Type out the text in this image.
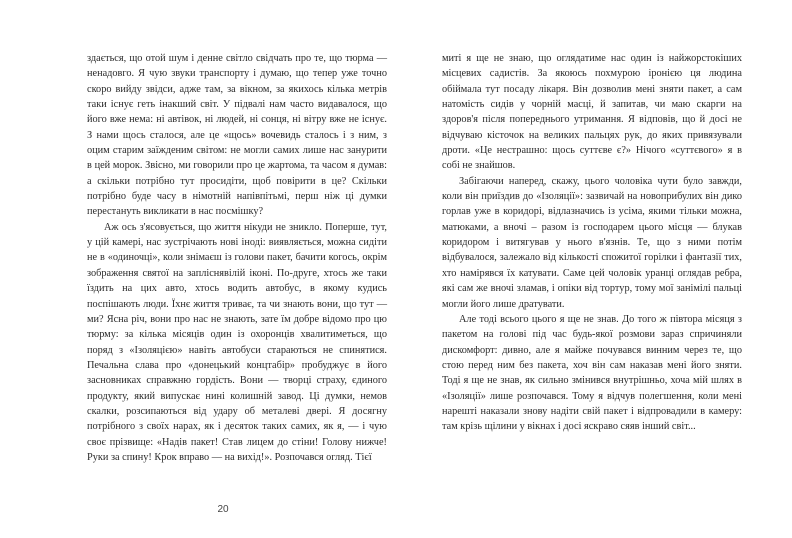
здається, що отой шум і денне світло свідчать про те, що тюрма — ненадовго. Я чую звуки транспорту і думаю, що тепер уже точно скоро вийду звідси, адже там, за вікном, за якихось кілька метрів таки існує геть інакший світ. У підвалі нам часто видавалося, що його вже нема: ні автівок, ні людей, ні сонця, ні вітру вже не існує. З нами щось сталося, але це «щось» вочевидь сталось і з ним, з оцим старим заїжденим світом: не могли самих лише нас занурити в цей морок. Звісно, ми говорили про це жартома, та часом я думав: а скільки потрібно тут просидіти, щоб повірити в це? Скільки потрібно буде часу в німотній напівпітьмі, перш ніж ці думки перестануть викликати в нас посмішку?

Аж ось з'ясовується, що життя нікуди не зникло. Поперше, тут, у цій камері, нас зустрічають нові іноді: виявляється, можна сидіти не в «одиночці», коли знімаєш із голови пакет, бачити когось, окрім зображення святої на запліснявілій іконі. По-друге, хтось же таки їздить на цих авто, хтось водить автобус, в якому кудись поспішають люди. Їхнє життя триває, та чи знають вони, що тут — ми? Ясна річ, вони про нас не знають, зате їм добре відомо про цю тюрму: за кілька місяців один із охоронців хвалитиметься, що поряд з «Ізоляцією» навіть автобуси стараються не спинятися. Печальна слава про «донецький концтабір» пробуджує в його засновниках справжню гордість. Вони — творці страху, єдиного продукту, який випускає нині колишній завод. Ці думки, немов скалки, розсипаються від удару об металеві двері. Я досягну потрібного з своїх нарах, як і десяток таких самих, як я, — і чую своє прізвище: «Надів пакет! Став лицем до стіни! Голову нижче! Руки за спину! Крок вправо — на вихід!». Розпочався огляд. Тієї

миті я ще не знаю, що оглядатиме нас один із найжорстокіших місцевих садистів. За якоюсь похмурою іронією ця людина обіймала тут посаду лікаря. Він дозволив мені зняти пакет, а сам натомість сидів у чорній масці, й запитав, чи маю скарги на здоров'я після попереднього утримання. Я відповів, що й досі не відчуваю кісточок на великих пальцях рук, до яких привязували дроти. «Це нестрашно: щось суттєве є?» Нічого «суттєвого» я в собі не знайшов.

Забігаючи наперед, скажу, цього чоловіка чути було завжди, коли він приїздив до «Ізоляції»: зазвичай на новоприбулих він дико горлав уже в коридорі, відлазначись із усіма, якими тільки можна, матюками, а вночі – разом із господарем цього місця — блукав коридором і витягував у нього в'язнів. Те, що з ними потім відбувалося, залежало від кількості спожитої горілки і фантазії тих, хто намірявся їх катувати. Саме цей чоловік уранці оглядав ребра, які сам же вночі зламав, і опіки від тортур, тому мої занімілі пальці могли його лише дратувати.

Але тоді всього цього я ще не знав. До того ж півтора місяця з пакетом на голові під час будь-якої розмови зараз спричиняли дискомфорт: дивно, але я майже почувався винним через те, що стою перед ним без пакета, хоч він сам наказав мені його зняти. Тоді я ще не знав, як сильно змінився внутрішньо, хоча мій шлях в «Ізоляції» лише розпочався. Тому я відчув полегшення, коли мені нарешті наказали знову надіти свій пакет і відпровадили в камеру: там крізь щілини у вікнах і досі яскраво сяяв інший світ...

20
